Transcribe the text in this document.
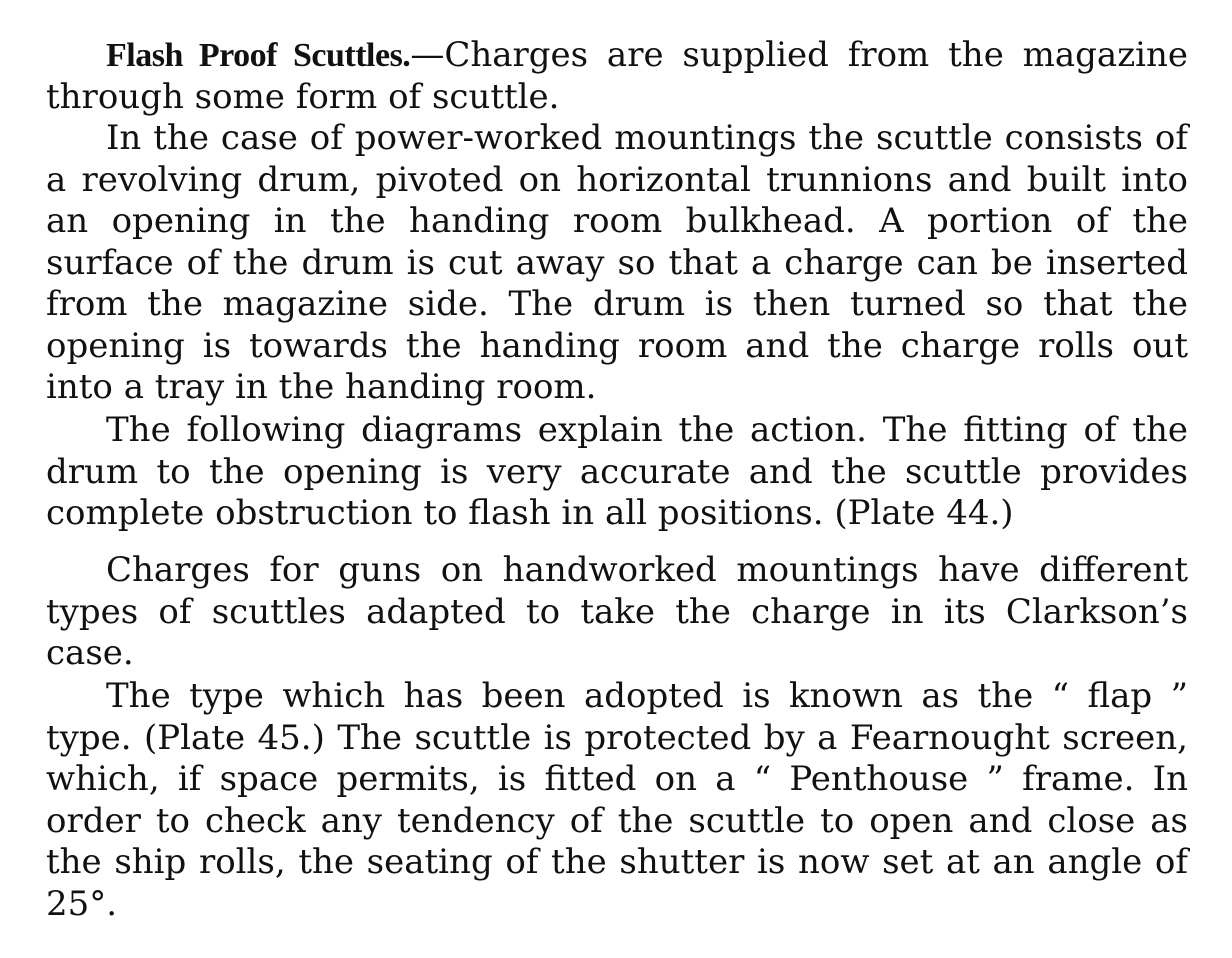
Flash Proof Scuttles.—Charges are supplied from the magazine through some form of scuttle.

In the case of power-worked mountings the scuttle consists of a revolving drum, pivoted on horizontal trunnions and built into an opening in the handing room bulkhead. A portion of the surface of the drum is cut away so that a charge can be inserted from the magazine side. The drum is then turned so that the opening is towards the handing room and the charge rolls out into a tray in the handing room.

The following diagrams explain the action. The fitting of the drum to the opening is very accurate and the scuttle provides complete obstruction to flash in all positions. (Plate 44.)

Charges for guns on handworked mountings have different types of scuttles adapted to take the charge in its Clarkson’s case.

The type which has been adopted is known as the “ flap ” type. (Plate 45.) The scuttle is protected by a Fearnought screen, which, if space permits, is fitted on a “ Penthouse ” frame. In order to check any tendency of the scuttle to open and close as the ship rolls, the seating of the shutter is now set at an angle of 25°.
